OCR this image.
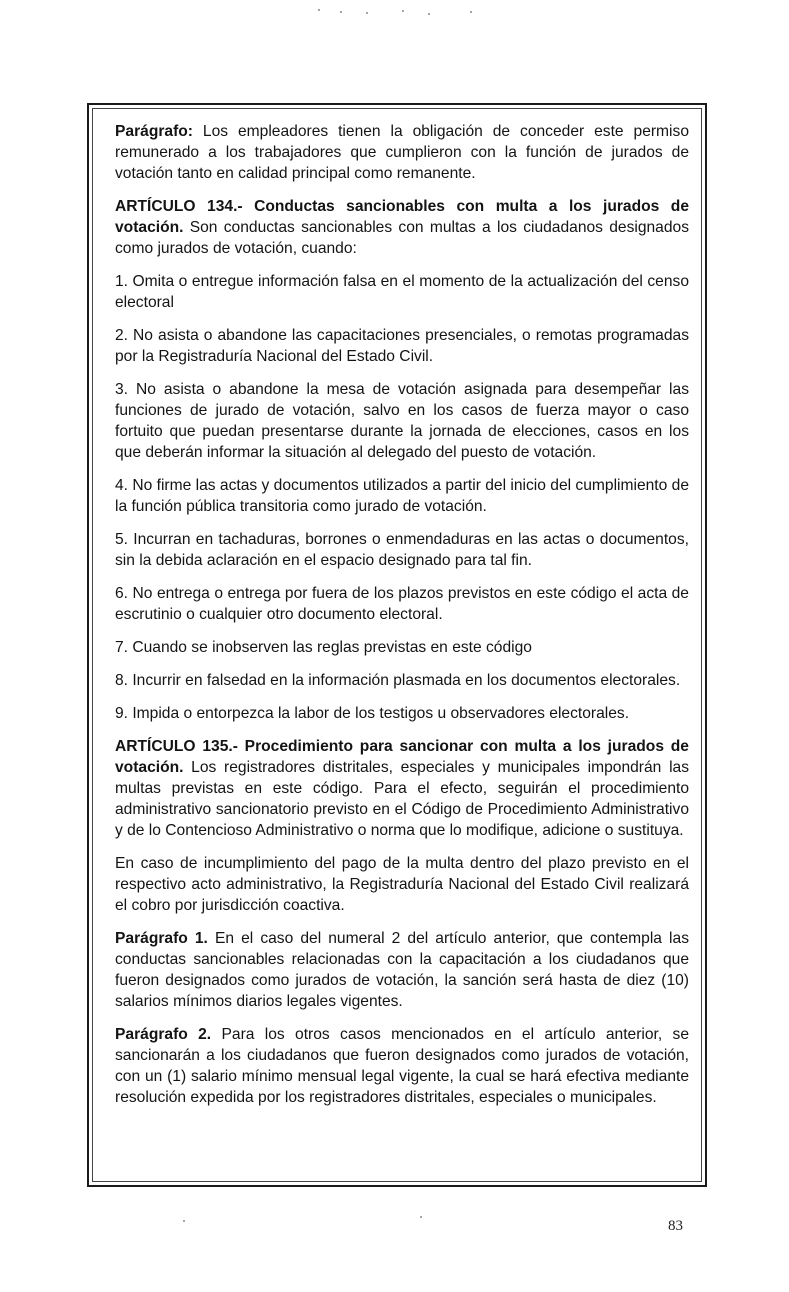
Parágrafo: Los empleadores tienen la obligación de conceder este permiso remunerado a los trabajadores que cumplieron con la función de jurados de votación tanto en calidad principal como remanente.

ARTÍCULO 134.- Conductas sancionables con multa a los jurados de votación. Son conductas sancionables con multas a los ciudadanos designados como jurados de votación, cuando:

1. Omita o entregue información falsa en el momento de la actualización del censo electoral

2. No asista o abandone las capacitaciones presenciales, o remotas programadas por la Registraduría Nacional del Estado Civil.

3. No asista o abandone la mesa de votación asignada para desempeñar las funciones de jurado de votación, salvo en los casos de fuerza mayor o caso fortuito que puedan presentarse durante la jornada de elecciones, casos en los que deberán informar la situación al delegado del puesto de votación.

4. No firme las actas y documentos utilizados a partir del inicio del cumplimiento de la función pública transitoria como jurado de votación.

5. Incurran en tachaduras, borrones o enmendaduras en las actas o documentos, sin la debida aclaración en el espacio designado para tal fin.

6. No entrega o entrega por fuera de los plazos previstos en este código el acta de escrutinio o cualquier otro documento electoral.

7. Cuando se inobserven las reglas previstas en este código

8. Incurrir en falsedad en la información plasmada en los documentos electorales.

9. Impida o entorpezca la labor de los testigos u observadores electorales.

ARTÍCULO 135.- Procedimiento para sancionar con multa a los jurados de votación. Los registradores distritales, especiales y municipales impondrán las multas previstas en este código. Para el efecto, seguirán el procedimiento administrativo sancionatorio previsto en el Código de Procedimiento Administrativo y de lo Contencioso Administrativo o norma que lo modifique, adicione o sustituya.

En caso de incumplimiento del pago de la multa dentro del plazo previsto en el respectivo acto administrativo, la Registraduría Nacional del Estado Civil realizará el cobro por jurisdicción coactiva.

Parágrafo 1. En el caso del numeral 2 del artículo anterior, que contempla las conductas sancionables relacionadas con la capacitación a los ciudadanos que fueron designados como jurados de votación, la sanción será hasta de diez (10) salarios mínimos diarios legales vigentes.

Parágrafo 2. Para los otros casos mencionados en el artículo anterior, se sancionarán a los ciudadanos que fueron designados como jurados de votación, con un (1) salario mínimo mensual legal vigente, la cual se hará efectiva mediante resolución expedida por los registradores distritales, especiales o municipales.

83
